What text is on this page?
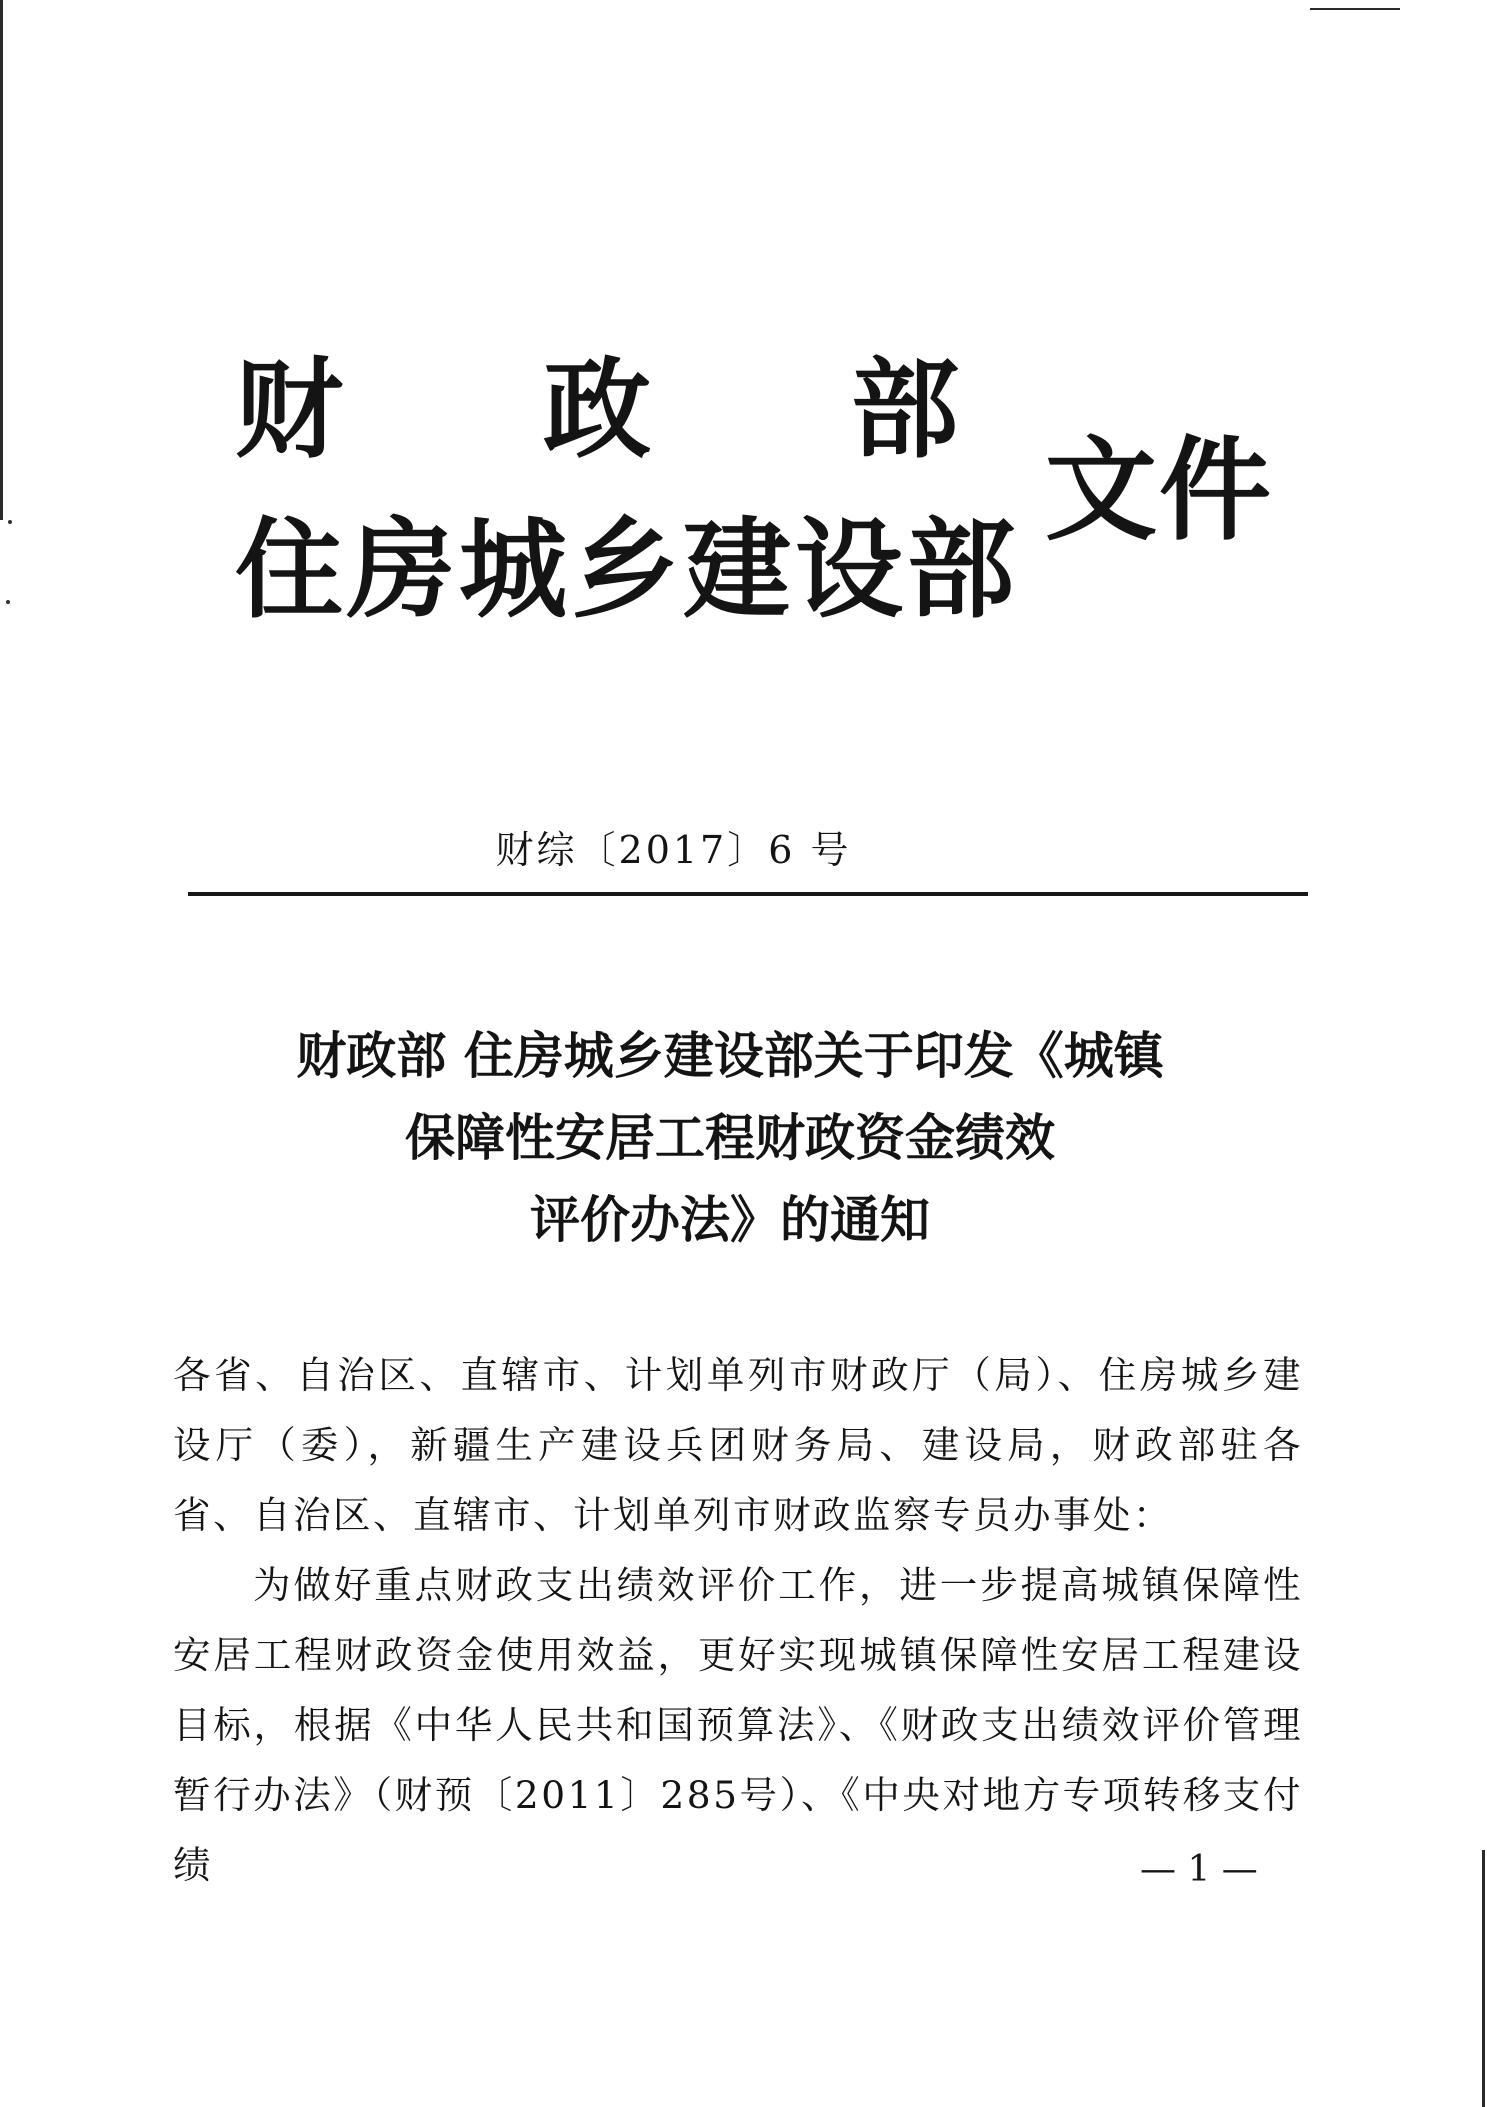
财政部
住房城乡建设部
文件
财综〔2017〕6 号
财政部 住房城乡建设部关于印发《城镇
保障性安居工程财政资金绩效
评价办法》的通知

各省、自治区、直辖市、计划单列市财政厅（局）、住房城乡建设厅（委），新疆生产建设兵团财务局、建设局，财政部驻各省、自治区、直辖市、计划单列市财政监察专员办事处：

为做好重点财政支出绩效评价工作，进一步提高城镇保障性安居工程财政资金使用效益，更好实现城镇保障性安居工程建设目标，根据《中华人民共和国预算法》、《财政支出绩效评价管理暂行办法》（财预〔2011〕285号）、《中央对地方专项转移支付绩	— 1 —
